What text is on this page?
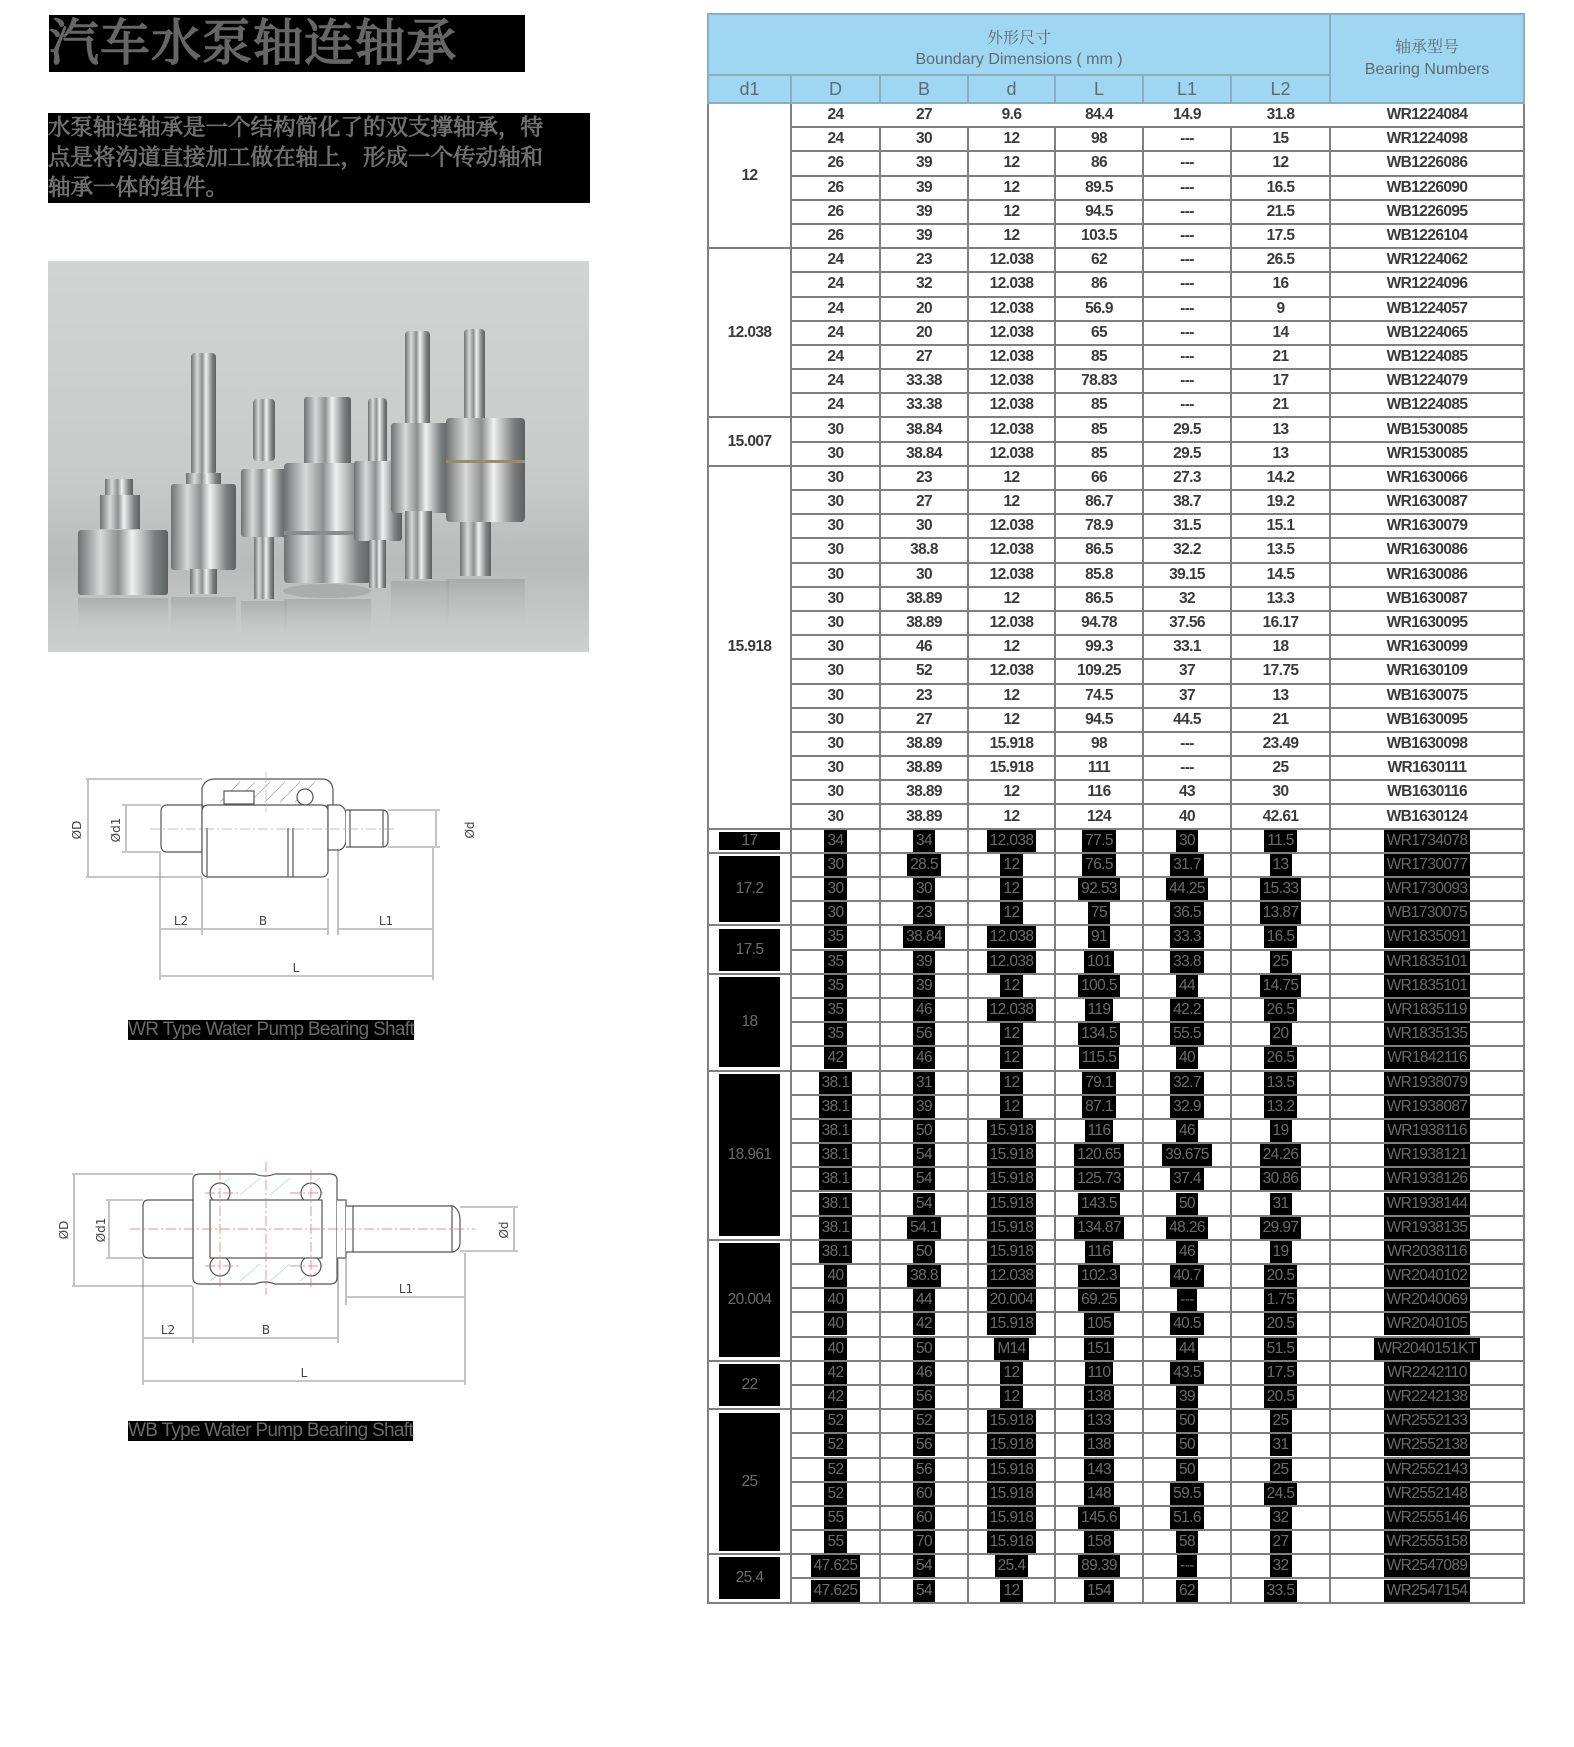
汽车水泵轴连轴承
水泵轴连轴承是一个结构简化了的双支撑轴承，特
点是将沟道直接加工做在轴上，形成一个传动轴和
轴承一体的组件。
ØD Ød1	Ød
L2	B	L1
L
WR Type Water Pump Bearing Shaft
ØD Ød1	Ød
L1
L2	B
L
WB Type Water Pump Bearing Shaft
外形尺寸
Boundary Dimensions ( mm )

轴承型号
Bearing Numbers

d1	D	B	d	L	L1	L2	
12	24	27	9.6	84.4	14.9	31.8	WR1224084
	24	30	12	98	---	15	WR1224098
	26	39	12	86	---	12	WB1226086
	26	39	12	89.5	---	16.5	WB1226090
	26	39	12	94.5	---	21.5	WB1226095
	26	39	12	103.5	---	17.5	WB1226104
12.038	24	23	12.038	62	---	26.5	WR1224062
	24	32	12.038	86	---	16	WR1224096
	24	20	12.038	56.9	---	9	WB1224057
	24	20	12.038	65	---	14	WB1224065
	24	27	12.038	85	---	21	WB1224085
	24	33.38	12.038	78.83	---	17	WB1224079
	24	33.38	12.038	85	---	21	WB1224085
15.007	30	38.84	12.038	85	29.5	13	WB1530085
	30	38.84	12.038	85	29.5	13	WR1530085
15.918	30	23	12	66	27.3	14.2	WR1630066
	30	27	12	86.7	38.7	19.2	WR1630087
	30	30	12.038	78.9	31.5	15.1	WR1630079
	30	38.8	12.038	86.5	32.2	13.5	WR1630086
	30	30	12.038	85.8	39.15	14.5	WR1630086
	30	38.89	12	86.5	32	13.3	WB1630087
	30	38.89	12.038	94.78	37.56	16.17	WR1630095
	30	46	12	99.3	33.1	18	WR1630099
	30	52	12.038	109.25	37	17.75	WR1630109
	30	23	12	74.5	37	13	WB1630075
	30	27	12	94.5	44.5	21	WB1630095
	30	38.89	15.918	98	---	23.49	WB1630098
	30	38.89	15.918	111	---	25	WR1630111
	30	38.89	12	116	43	30	WB1630116
	30	38.89	12	124	40	42.61	WB1630124

17	34	34	12.038	77.5	30	11.5	WR1734078

17.2	30	28.5	12	76.5	31.7	13	WR1730077
	30	30	12	92.53	44.25	15.33	WR1730093
	30	23	12	75	36.5	13.87	WB1730075

17.5	35	38.84	12.038	91	33.3	16.5	WR1835091
	35	39	12.038	101	33.8	25	WR1835101

18	35	39	12	100.5	44	14.75	WR1835101
	35	46	12.038	119	42.2	26.5	WR1835119
	35	56	12	134.5	55.5	20	WR1835135
	42	46	12	115.5	40	26.5	WR1842116

18.961	38.1	31	12	79.1	32.7	13.5	WR1938079
	38.1	39	12	87.1	32.9	13.2	WR1938087
	38.1	50	15.918	116	46	19	WR1938116
	38.1	54	15.918	120.65	39.675	24.26	WR1938121
	38.1	54	15.918	125.73	37.4	30.86	WR1938126
	38.1	54	15.918	143.5	50	31	WR1938144
	38.1	54.1	15.918	134.87	48.26	29.97	WR1938135

20.004	38.1	50	15.918	116	46	19	WR2038116
	40	38.8	12.038	102.3	40.7	20.5	WR2040102
	40	44	20.004	69.25	---	1.75	WR2040069
	40	42	15.918	105	40.5	20.5	WR2040105
	40	50	M14	151	44	51.5	WR2040151KT

22	42	46	12	110	43.5	17.5	WR2242110
	42	56	12	138	39	20.5	WR2242138

25	52	52	15.918	133	50	25	WR2552133
	52	56	15.918	138	50	31	WR2552138
	52	56	15.918	143	50	25	WR2552143
	52	60	15.918	148	59.5	24.5	WR2552148
	55	60	15.918	145.6	51.6	32	WR2555146
	55	70	15.918	158	58	27	WR2555158

25.4	47.625	54	25.4	89.39	---	32	WR2547089
	47.625	54	12	154	62	33.5	WR2547154
